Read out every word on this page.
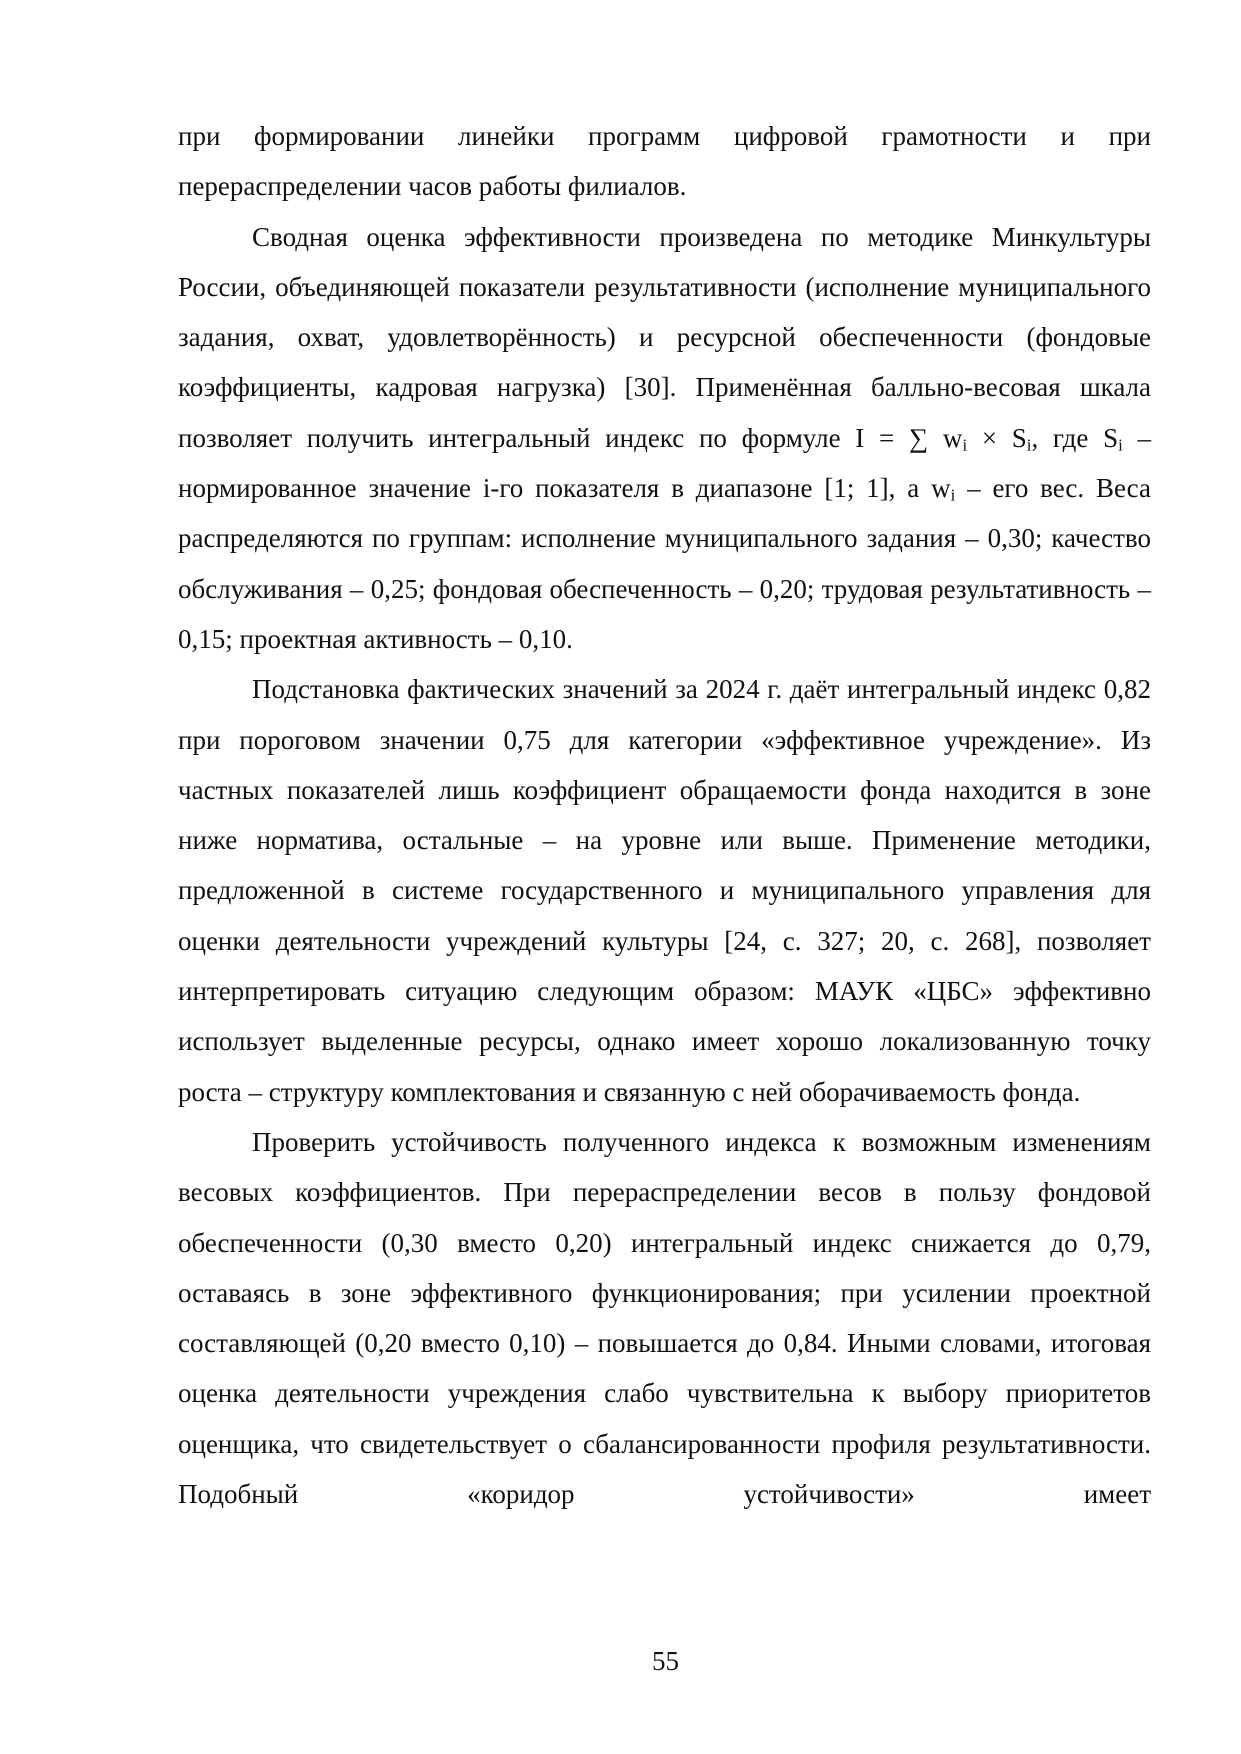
при формировании линейки программ цифровой грамотности и при перераспределении часов работы филиалов.

Сводная оценка эффективности произведена по методике Минкультуры России, объединяющей показатели результативности (исполнение муниципального задания, охват, удовлетворённость) и ресурсной обеспеченности (фондовые коэффициенты, кадровая нагрузка) [30]. Применённая балльно-весовая шкала позволяет получить интегральный индекс по формуле I = ∑ $w_i \times S_i$, где $S_i$ – нормированное значение i-го показателя в диапазоне [1; 1], а $w_i$ – его вес. Веса распределяются по группам: исполнение муниципального задания – 0,30; качество обслуживания – 0,25; фондовая обеспеченность – 0,20; трудовая результативность – 0,15; проектная активность – 0,10.

Подстановка фактических значений за 2024 г. даёт интегральный индекс 0,82 при пороговом значении 0,75 для категории «эффективное учреждение». Из частных показателей лишь коэффициент обращаемости фонда находится в зоне ниже норматива, остальные – на уровне или выше. Применение методики, предложенной в системе государственного и муниципального управления для оценки деятельности учреждений культуры [24, с. 327; 20, с. 268], позволяет интерпретировать ситуацию следующим образом: МАУК «ЦБС» эффективно использует выделенные ресурсы, однако имеет хорошо локализованную точку роста – структуру комплектования и связанную с ней оборачиваемость фонда.

Проверить устойчивость полученного индекса к возможным изменениям весовых коэффициентов. При перераспределении весов в пользу фондовой обеспеченности (0,30 вместо 0,20) интегральный индекс снижается до 0,79, оставаясь в зоне эффективного функционирования; при усилении проектной составляющей (0,20 вместо 0,10) – повышается до 0,84. Иными словами, итоговая оценка деятельности учреждения слабо чувствительна к выбору приоритетов оценщика, что свидетельствует о сбалансированности профиля результативности. Подобный «коридор устойчивости» имеет

55
